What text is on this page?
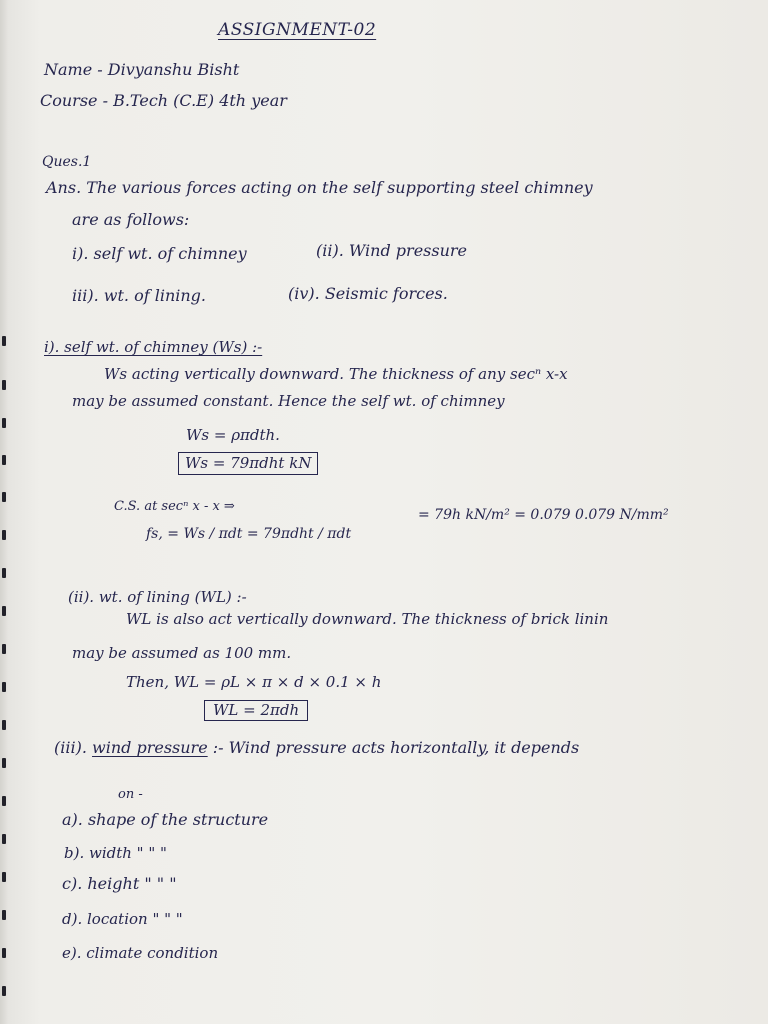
ASSIGNMENT-02
Name - Divyanshu Bisht
Course - B.Tech (C.E) 4th year
Ques.1
Ans. The various forces acting on the self supporting steel chimney
are as follows:
i). self wt. of chimney	(ii). Wind pressure
iii). wt. of lining.	(iv). Seismic forces.
i). self wt. of chimney (Ws) :-
Ws acting vertically downward. The thickness of any secⁿ x-x
may be assumed constant. Hence the self wt. of chimney
Ws = ρπdth.
Ws = 79πdht kN
C.S. at secⁿ x - x ⇒
fs, = Ws / πdt = 79πdht / πdt
= 79h kN/m² = 0.079 0.079 N/mm²
(ii). wt. of lining (WL) :-
WL is also act vertically downward. The thickness of brick linin
may be assumed as 100 mm.
Then, WL = ρL × π × d × 0.1 × h
WL = 2πdh
(iii). wind pressure :- Wind pressure acts horizontally, it depends
on -
a). shape of the structure
b). width " " "
c). height " " "
d). location " " "
e). climate condition
